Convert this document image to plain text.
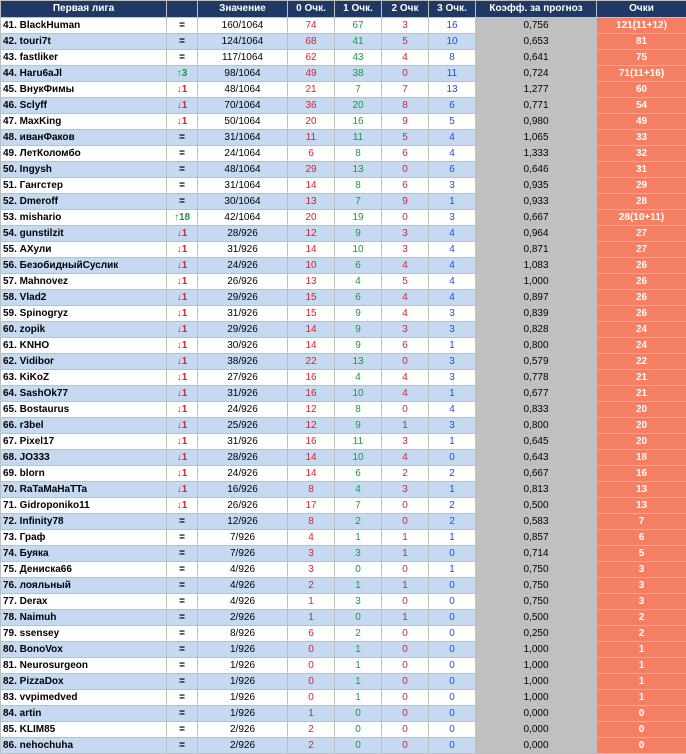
Первая лига		Значение	0 Очк.	1 Очк.	2 Очк	3 Очк.	Коэфф. за прогноз	Очки
41. BlackHuman	=	160/1064	74	67	3	16	0,756	121(11+12)
42. touri7t	=	124/1064	68	41	5	10	0,653	81
43. fastliker	=	117/1064	62	43	4	8	0,641	75
44. Haru6aJl	↑3	98/1064	49	38	0	11	0,724	71(11+16)
45. ВнукФимы	↓1	48/1064	21	7	7	13	1,277	60
46. Sclyff	↓1	70/1064	36	20	8	6	0,771	54
47. MaxKing	↓1	50/1064	20	16	9	5	0,980	49
48. иванФаков	=	31/1064	11	11	5	4	1,065	33
49. ЛетКоломбо	=	24/1064	6	8	6	4	1,333	32
50. Ingysh	=	48/1064	29	13	0	6	0,646	31
51. Гангстер	=	31/1064	14	8	6	3	0,935	29
52. Dmeroff	=	30/1064	13	7	9	1	0,933	28
53. mishario	↑18	42/1064	20	19	0	3	0,667	28(10+11)
54. gunstilzit	↓1	28/926	12	9	3	4	0,964	27
55. АХули	↓1	31/926	14	10	3	4	0,871	27
56. БезобидныйСуслик	↓1	24/926	10	6	4	4	1,083	26
57. Mahnovez	↓1	26/926	13	4	5	4	1,000	26
58. Vlad2	↓1	29/926	15	6	4	4	0,897	26
59. Spinogryz	↓1	31/926	15	9	4	3	0,839	26
60. zopik	↓1	29/926	14	9	3	3	0,828	24
61. KNHO	↓1	30/926	14	9	6	1	0,800	24
62. Vidibor	↓1	38/926	22	13	0	3	0,579	22
63. KiKoZ	↓1	27/926	16	4	4	3	0,778	21
64. SashOk77	↓1	31/926	16	10	4	1	0,677	21
65. Bostaurus	↓1	24/926	12	8	0	4	0,833	20
66. r3bel	↓1	25/926	12	9	1	3	0,800	20
67. Pixel17	↓1	31/926	16	11	3	1	0,645	20
68. JO333	↓1	28/926	14	10	4	0	0,643	18
69. blorn	↓1	24/926	14	6	2	2	0,667	16
70. RaTaMaHaTTa	↓1	16/926	8	4	3	1	0,813	13
71. Gidroponiko11	↓1	26/926	17	7	0	2	0,500	13
72. Infinity78	=	12/926	8	2	0	2	0,583	7
73. Граф	=	7/926	4	1	1	1	0,857	6
74. Буяка	=	7/926	3	3	1	0	0,714	5
75. Дениска66	=	4/926	3	0	0	1	0,750	3
76. лояльный	=	4/926	2	1	1	0	0,750	3
77. Derax	=	4/926	1	3	0	0	0,750	3
78. Naimuh	=	2/926	1	0	1	0	0,500	2
79. ssensey	=	8/926	6	2	0	0	0,250	2
80. BonoVox	=	1/926	0	1	0	0	1,000	1
81. Neurosurgeon	=	1/926	0	1	0	0	1,000	1
82. PizzaDox	=	1/926	0	1	0	0	1,000	1
83. vvpimedved	=	1/926	0	1	0	0	1,000	1
84. artin	=	1/926	1	0	0	0	0,000	0
85. KLIM85	=	2/926	2	0	0	0	0,000	0
86. nehochuha	=	2/926	2	0	0	0	0,000	0
